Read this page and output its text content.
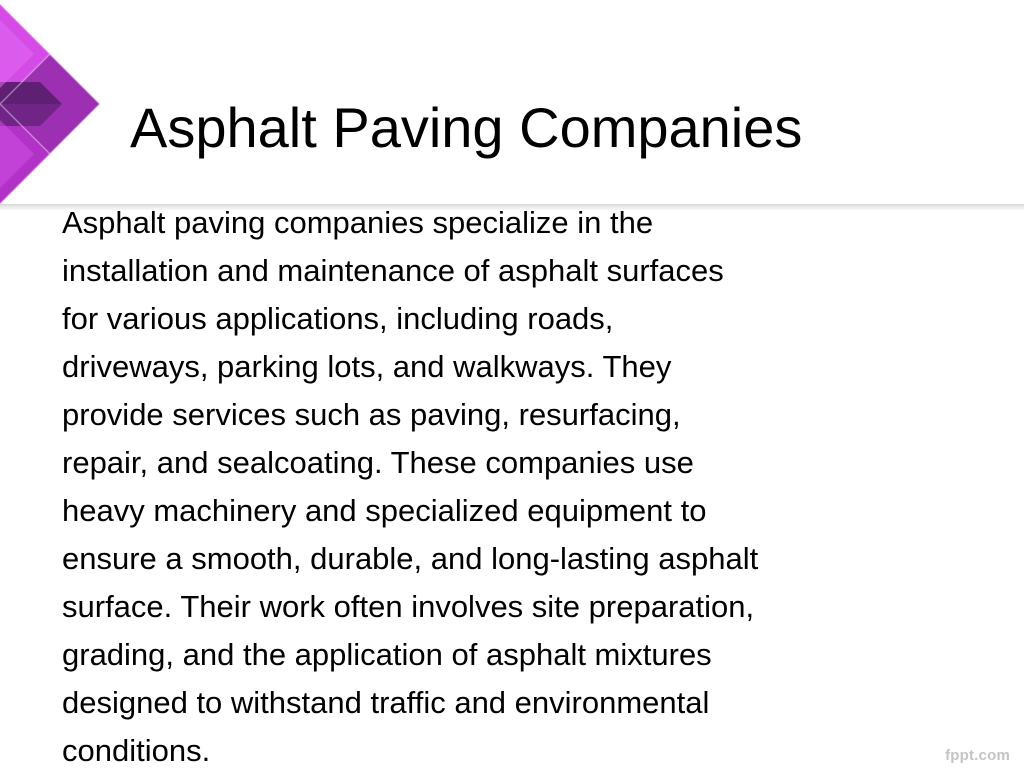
Asphalt Paving Companies
Asphalt paving companies specialize in the
installation and maintenance of asphalt surfaces
for various applications, including roads,
driveways, parking lots, and walkways. They
provide services such as paving, resurfacing,
repair, and sealcoating. These companies use
heavy machinery and specialized equipment to
ensure a smooth, durable, and long-lasting asphalt
surface. Their work often involves site preparation,
grading, and the application of asphalt mixtures
designed to withstand traffic and environmental
conditions.	fppt.com
